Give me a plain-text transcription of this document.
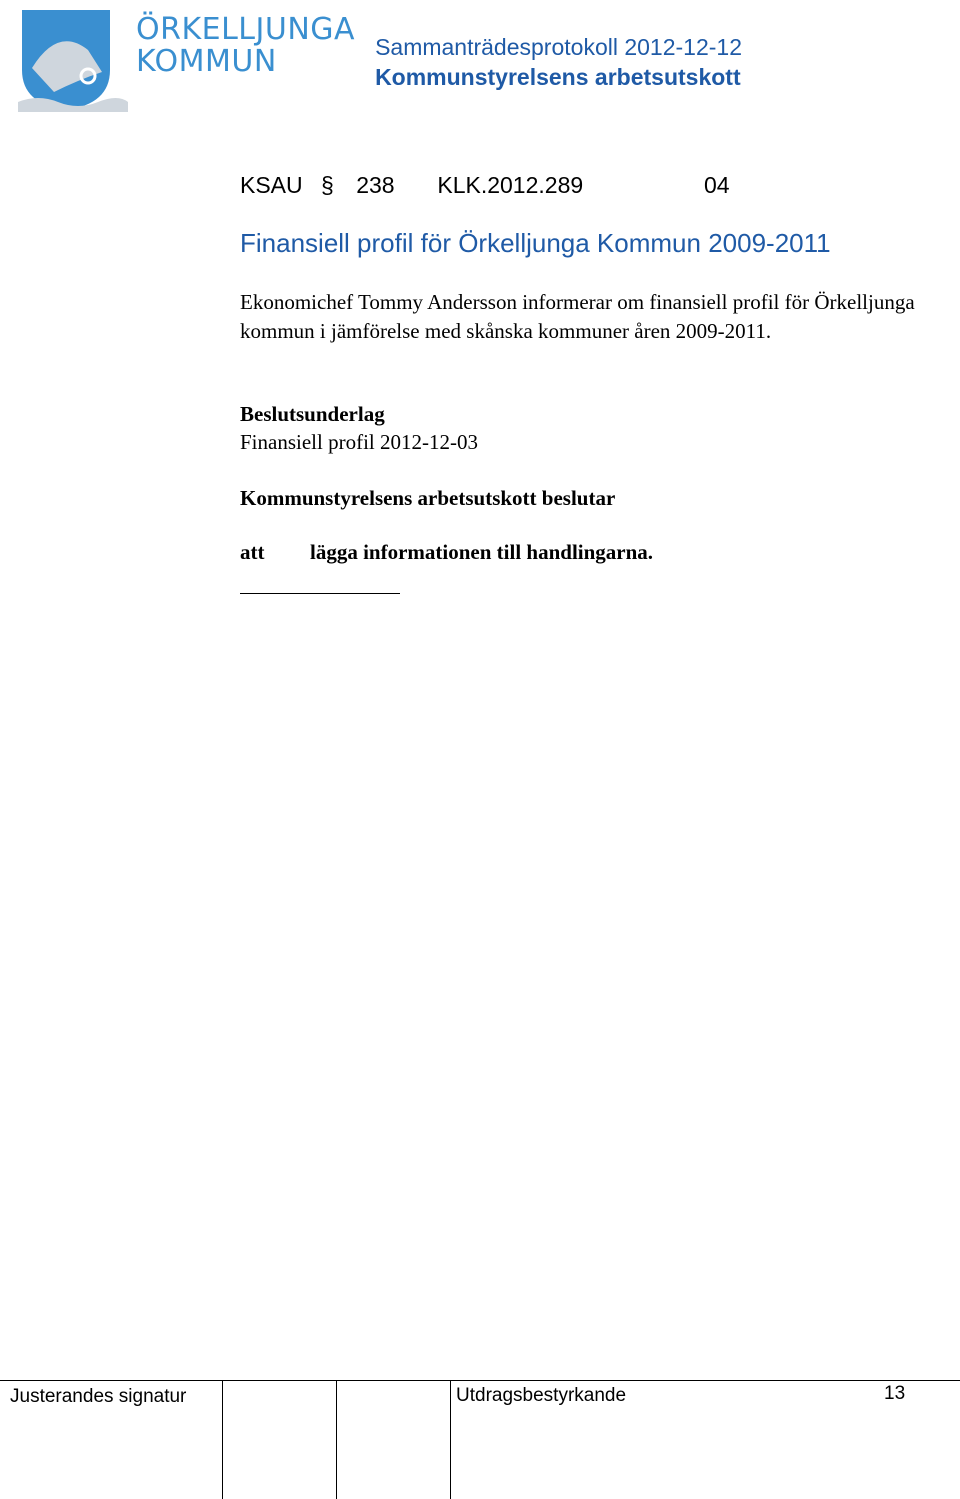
ÖRKELLJUNGA
KOMMUN	Sammanträdesprotokoll 2012-12-12
Kommunstyrelsens arbetsutskott
KSAU § 238 KLK.2012.289	04
Finansiell profil för Örkelljunga Kommun 2009-2011
Ekonomichef Tommy Andersson informerar om finansiell profil för Örkelljunga kommun i jämförelse med skånska kommuner åren 2009-2011.
Beslutsunderlag
Finansiell profil 2012-12-03
Kommunstyrelsens arbetsutskott beslutar
att lägga informationen till handlingarna.
Justerandes signatur	Utdragsbestyrkande	13
